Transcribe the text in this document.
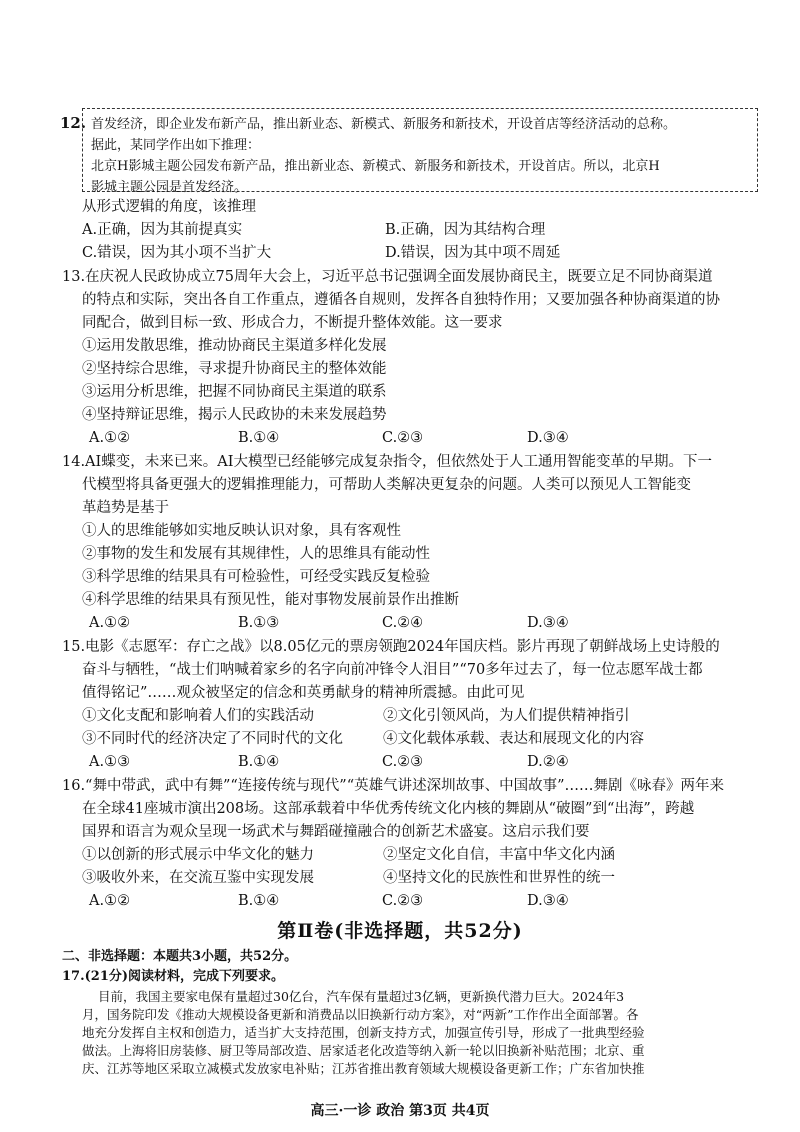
12. 首发经济，即企业发布新产品，推出新业态、新模式、新服务和新技术，开设首店等经济活动的总称。
据此，某同学作出如下推理：
北京H影城主题公园发布新产品，推出新业态、新模式、新服务和新技术，开设首店。所以，北京H
影城主题公园是首发经济。
从形式逻辑的角度，该推理
A.正确，因为其前提真实	B.正确，因为其结构合理
C.错误，因为其小项不当扩大	D.错误，因为其中项不周延
13.在庆祝人民政协成立75周年大会上，习近平总书记强调全面发展协商民主，既要立足不同协商渠道
的特点和实际，突出各自工作重点，遵循各自规则，发挥各自独特作用；又要加强各种协商渠道的协
同配合，做到目标一致、形成合力，不断提升整体效能。这一要求
①运用发散思维，推动协商民主渠道多样化发展
②坚持综合思维，寻求提升协商民主的整体效能
③运用分析思维，把握不同协商民主渠道的联系
④坚持辩证思维，揭示人民政协的未来发展趋势
A.①②	B.①④	C.②③	D.③④
14.AI蝶变，未来已来。AI大模型已经能够完成复杂指令，但依然处于人工通用智能变革的早期。下一
代模型将具备更强大的逻辑推理能力，可帮助人类解决更复杂的问题。人类可以预见人工智能变
革趋势是基于
①人的思维能够如实地反映认识对象，具有客观性
②事物的发生和发展有其规律性，人的思维具有能动性
③科学思维的结果具有可检验性，可经受实践反复检验
④科学思维的结果具有预见性，能对事物发展前景作出推断
A.①②	B.①③	C.②④	D.③④
15.电影《志愿军：存亡之战》以8.05亿元的票房领跑2024年国庆档。影片再现了朝鲜战场上史诗般的
奋斗与牺牲，“战士们呐喊着家乡的名字向前冲锋令人泪目”“70多年过去了，每一位志愿军战士都
值得铭记”……观众被坚定的信念和英勇献身的精神所震撼。由此可见
①文化支配和影响着人们的实践活动	②文化引领风尚，为人们提供精神指引
③不同时代的经济决定了不同时代的文化	④文化载体承载、表达和展现文化的内容
A.①③	B.①④	C.②③	D.②④
16.“舞中带武，武中有舞”“连接传统与现代”“英雄气讲述深圳故事、中国故事”……舞剧《咏春》两年来
在全球41座城市演出208场。这部承载着中华优秀传统文化内核的舞剧从“破圈”到“出海”，跨越
国界和语言为观众呈现一场武术与舞蹈碰撞融合的创新艺术盛宴。这启示我们要
①以创新的形式展示中华文化的魅力	②坚定文化自信，丰富中华文化内涵
③吸收外来，在交流互鉴中实现发展	④坚持文化的民族性和世界性的统一
A.①②	B.①④	C.②③	D.③④
第Ⅱ卷(非选择题，共52分)
二、非选择题：本题共3小题，共52分。
17.(21分)阅读材料，完成下列要求。
目前，我国主要家电保有量超过30亿台，汽车保有量超过3亿辆，更新换代潜力巨大。2024年3
月，国务院印发《推动大规模设备更新和消费品以旧换新行动方案》，对“两新”工作作出全面部署。各
地充分发挥自主权和创造力，适当扩大支持范围，创新支持方式，加强宣传引导，形成了一批典型经验
高三·一诊 政治 第3页 共4页
做法。上海将旧房装修、厨卫等局部改造、居家适老化改造等纳入新一轮以旧换新补贴范围；北京、重
庆、江苏等地区采取立减模式发放家电补贴；江苏省推出教育领域大规模设备更新工作；广东省加快推
